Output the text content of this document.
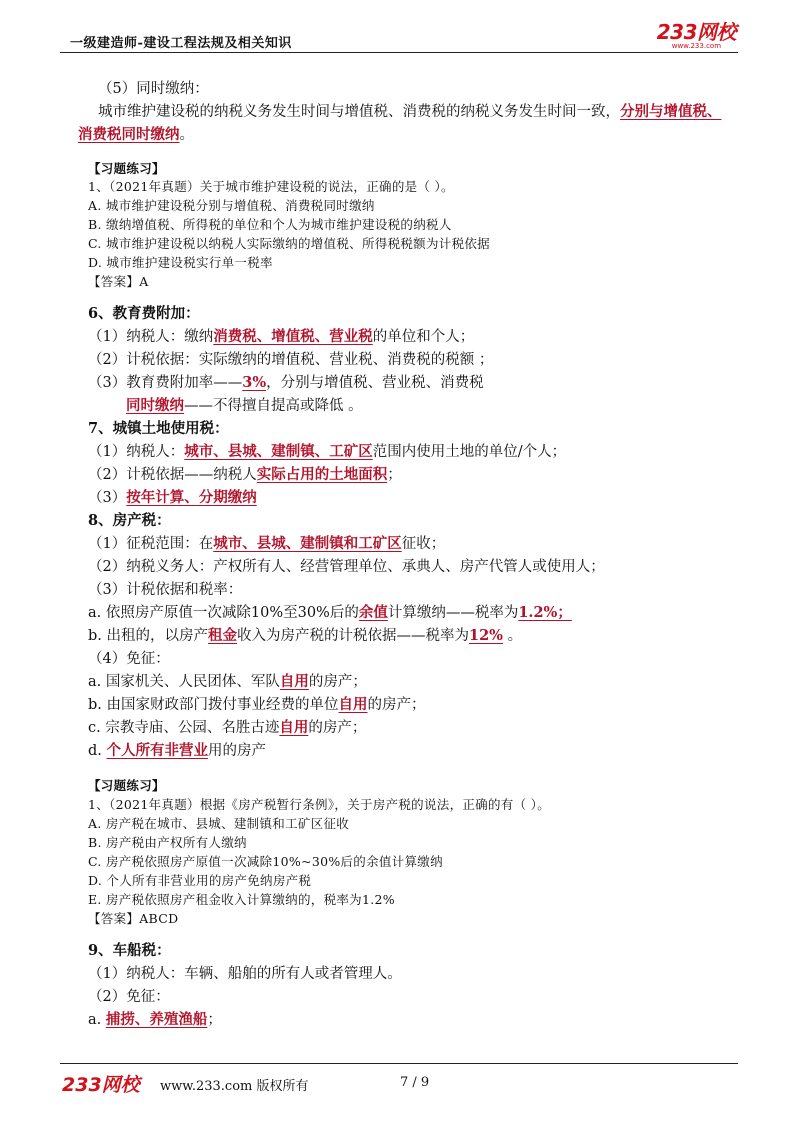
一级建造师-建设工程法规及相关知识	233网校
www.233.com
（5）同时缴纳：
城市维护建设税的纳税义务发生时间与增值税、消费税的纳税义务发生时间一致，分别与增值税、
消费税同时缴纳。
【习题练习】
1、（2021年真题）关于城市维护建设税的说法，正确的是（ ）。
A. 城市维护建设税分别与增值税、消费税同时缴纳
B. 缴纳增值税、所得税的单位和个人为城市维护建设税的纳税人
C. 城市维护建设税以纳税人实际缴纳的增值税、所得税税额为计税依据
D. 城市维护建设税实行单一税率
【答案】A
6、教育费附加：
（1）纳税人：缴纳消费税、增值税、营业税的单位和个人；
（2）计税依据：实际缴纳的增值税、营业税、消费税的税额 ；
（3）教育费附加率——3%，分别与增值税、营业税、消费税
同时缴纳——不得擅自提高或降低 。
7、城镇土地使用税：
（1）纳税人：城市、县城、建制镇、工矿区范围内使用土地的单位/个人；
（2）计税依据——纳税人实际占用的土地面积；
（3）按年计算、分期缴纳
8、房产税：
（1）征税范围：在城市、县城、建制镇和工矿区征收；
（2）纳税义务人：产权所有人、经营管理单位、承典人、房产代管人或使用人；
（3）计税依据和税率：
a. 依照房产原值一次减除10%至30%后的余值计算缴纳——税率为1.2%；
b. 出租的，以房产租金收入为房产税的计税依据——税率为12% 。
（4）免征：
a. 国家机关、人民团体、军队自用的房产；
b. 由国家财政部门拨付事业经费的单位自用的房产；
c. 宗教寺庙、公园、名胜古迹自用的房产；
d. 个人所有非营业用的房产
【习题练习】
1、（2021年真题）根据《房产税暂行条例》，关于房产税的说法，正确的有（ ）。
A. 房产税在城市、县城、建制镇和工矿区征收
B. 房产税由产权所有人缴纳
C. 房产税依照房产原值一次减除10%~30%后的余值计算缴纳
D. 个人所有非营业用的房产免纳房产税
E. 房产税依照房产租金收入计算缴纳的，税率为1.2%
【答案】ABCD
9、车船税：
（1）纳税人：车辆、船舶的所有人或者管理人。
（2）免征：
a. 捕捞、养殖渔船；
233网校 www.233.com 版权所有	7 / 9
